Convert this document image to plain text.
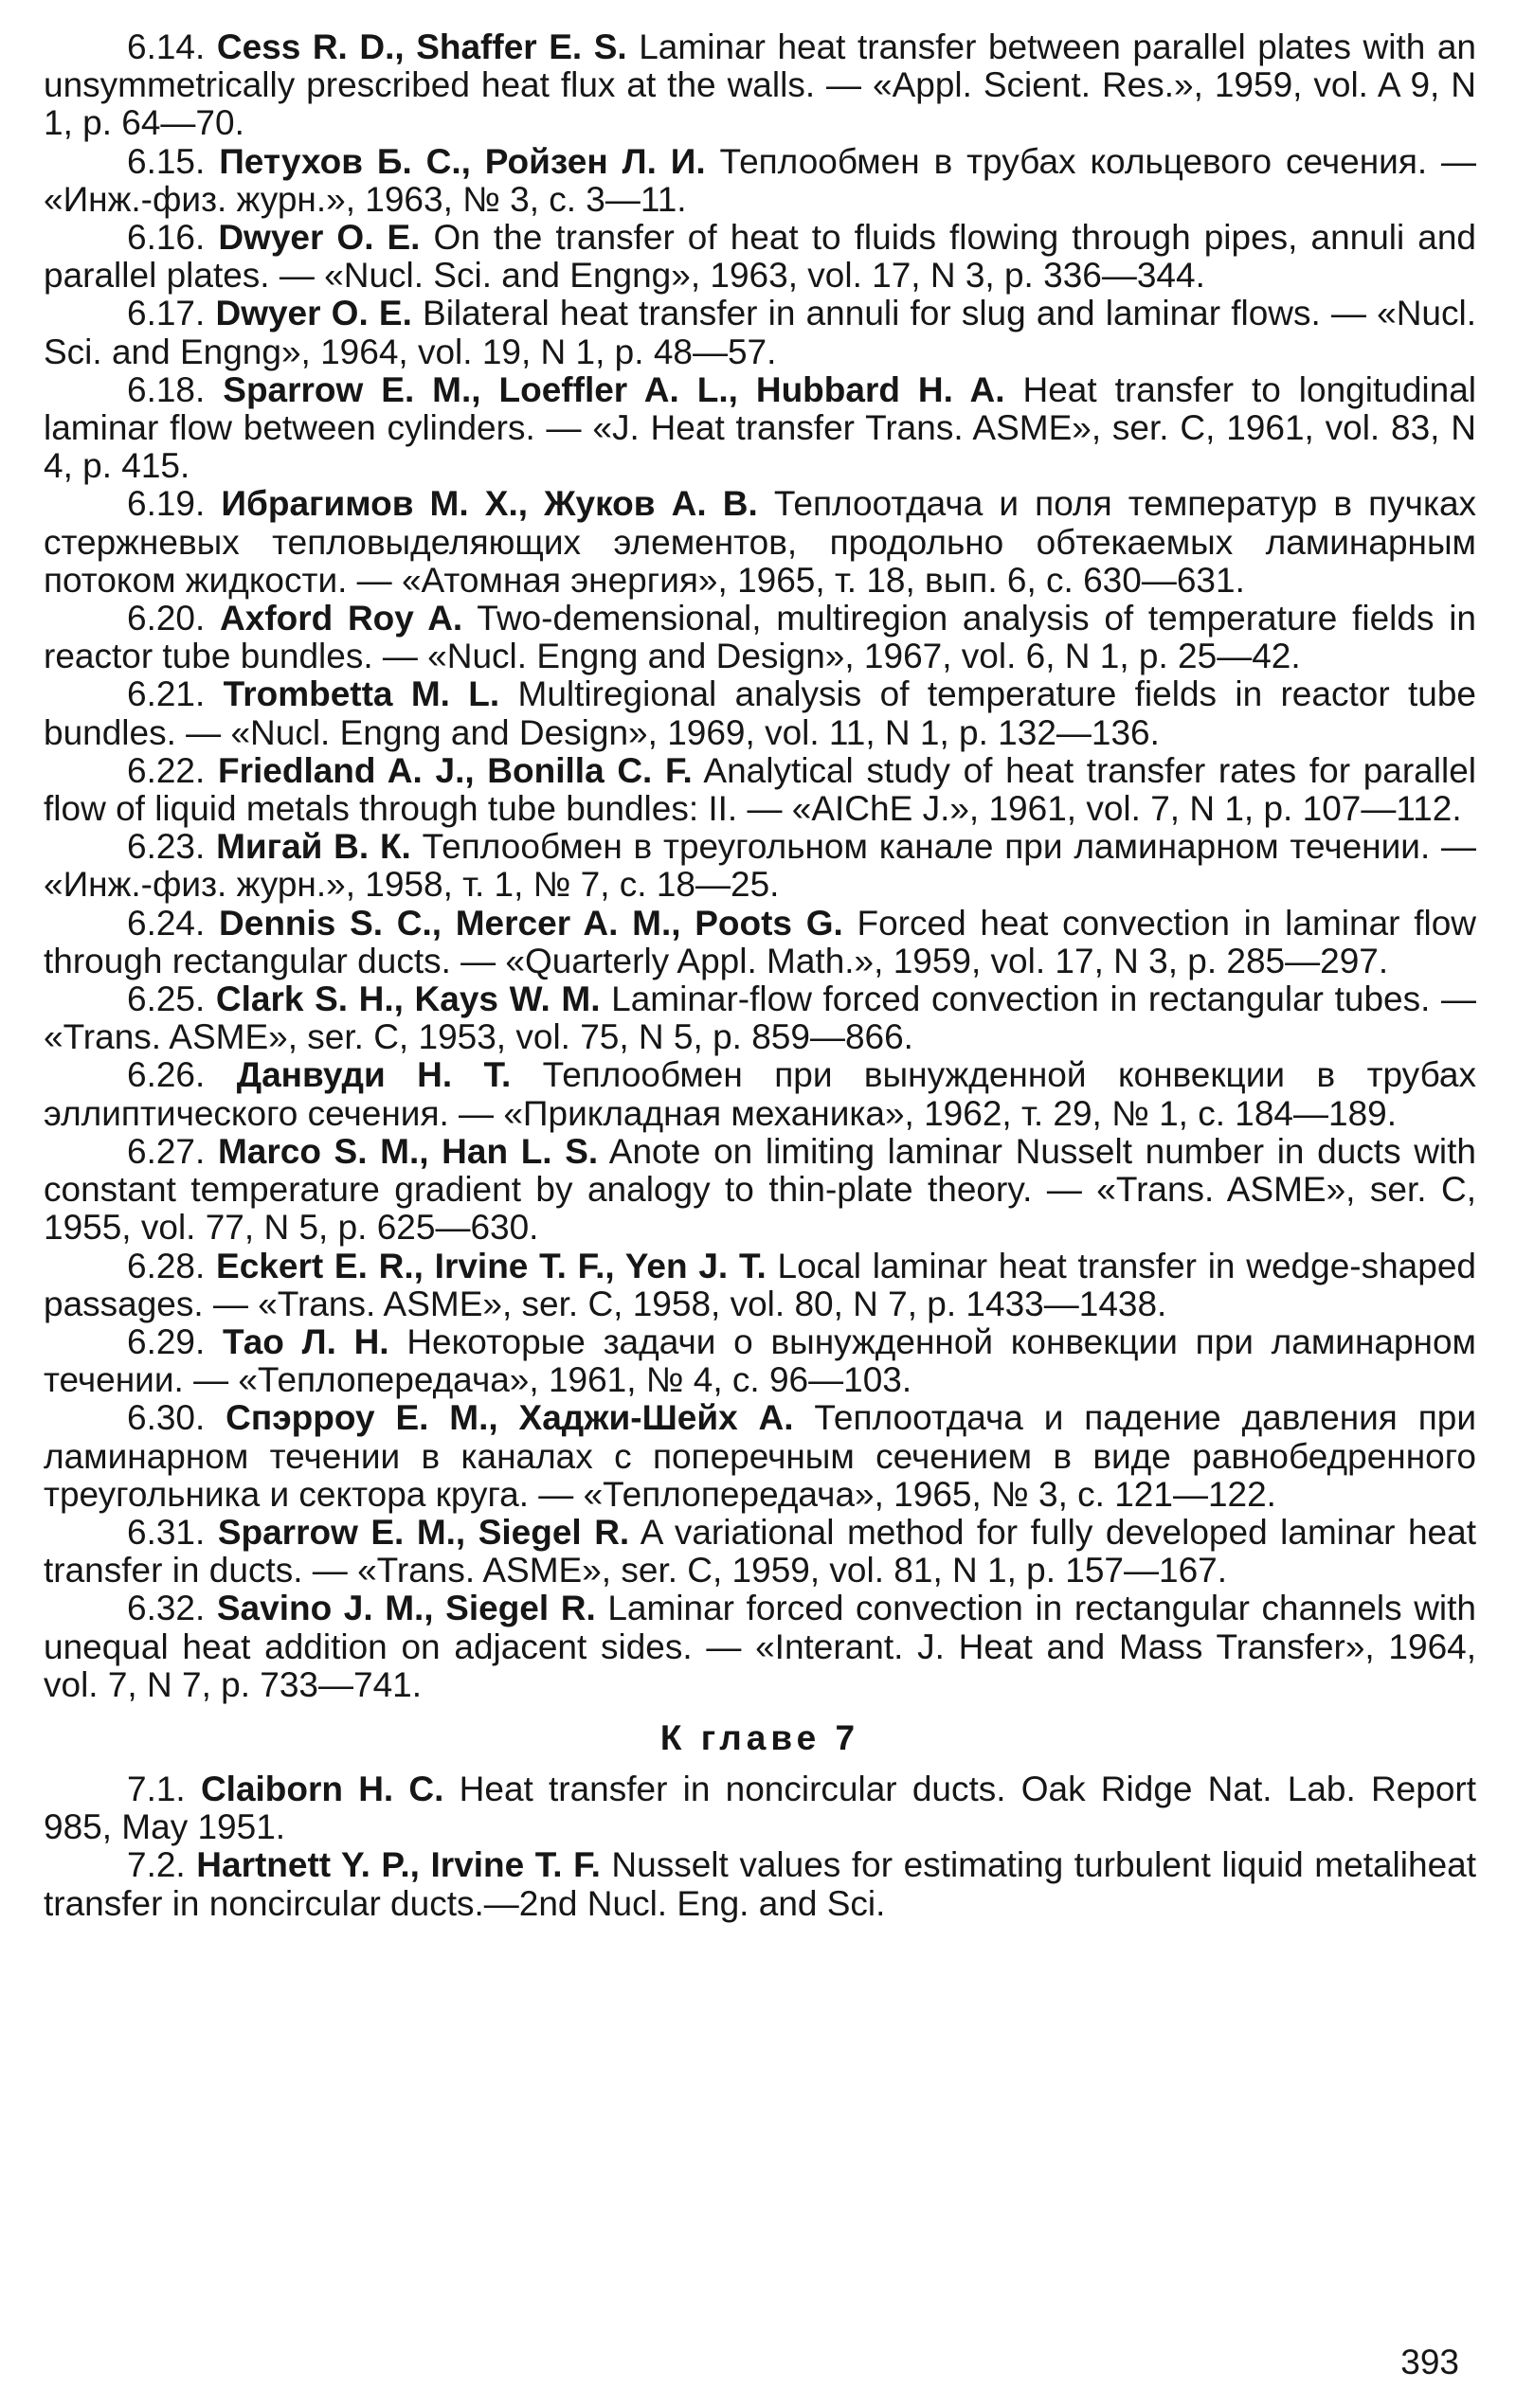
6.14. Cess R. D., Shaffer E. S. Laminar heat transfer between parallel plates with an unsymmetrically prescribed heat flux at the walls. — «Appl. Scient. Res.», 1959, vol. A 9, N 1, p. 64—70.

6.15. Петухов Б. С., Ройзен Л. И. Теплообмен в трубах кольцевого сечения. — «Инж.-физ. журн.», 1963, № 3, с. 3—11.

6.16. Dwyer O. E. On the transfer of heat to fluids flowing through pipes, annuli and parallel plates. — «Nucl. Sci. and Engng», 1963, vol. 17, N 3, p. 336—344.

6.17. Dwyer O. E. Bilateral heat transfer in annuli for slug and laminar flows. — «Nucl. Sci. and Engng», 1964, vol. 19, N 1, p. 48—57.

6.18. Sparrow E. M., Loeffler A. L., Hubbard H. A. Heat transfer to longitudinal laminar flow between cylinders. — «J. Heat transfer Trans. ASME», ser. C, 1961, vol. 83, N 4, p. 415.

6.19. Ибрагимов М. Х., Жуков А. В. Теплоотдача и поля температур в пучках стержневых тепловыделяющих элементов, продольно обтекаемых ламинарным потоком жидкости. — «Атомная энергия», 1965, т. 18, вып. 6, с. 630—631.

6.20. Axford Roy A. Two-demensional, multiregion analysis of temperature fields in reactor tube bundles. — «Nucl. Engng and Design», 1967, vol. 6, N 1, p. 25—42.

6.21. Trombetta M. L. Multiregional analysis of temperature fields in reactor tube bundles. — «Nucl. Engng and Design», 1969, vol. 11, N 1, p. 132—136.

6.22. Friedland A. J., Bonilla C. F. Analytical study of heat transfer rates for parallel flow of liquid metals through tube bundles: II. — «AIChE J.», 1961, vol. 7, N 1, p. 107—112.

6.23. Мигай В. К. Теплообмен в треугольном канале при ламинарном течении. — «Инж.-физ. журн.», 1958, т. 1, № 7, с. 18—25.

6.24. Dennis S. C., Mercer A. M., Poots G. Forced heat convection in laminar flow through rectangular ducts. — «Quarterly Appl. Math.», 1959, vol. 17, N 3, p. 285—297.

6.25. Clark S. H., Kays W. M. Laminar-flow forced convection in rectangular tubes. — «Trans. ASME», ser. C, 1953, vol. 75, N 5, p. 859—866.

6.26. Данвуди Н. Т. Теплообмен при вынужденной конвекции в трубах эллиптического сечения. — «Прикладная механика», 1962, т. 29, № 1, с. 184—189.

6.27. Marco S. M., Han L. S. Anote on limiting laminar Nusselt number in ducts with constant temperature gradient by analogy to thin-plate theory. — «Trans. ASME», ser. C, 1955, vol. 77, N 5, p. 625—630.

6.28. Eckert E. R., Irvine T. F., Yen J. T. Local laminar heat transfer in wedge-shaped passages. — «Trans. ASME», ser. C, 1958, vol. 80, N 7, p. 1433—1438.

6.29. Тао Л. Н. Некоторые задачи о вынужденной конвекции при ламинарном течении. — «Теплопередача», 1961, № 4, с. 96—103.

6.30. Спэрроу Е. М., Хаджи-Шейх А. Теплоотдача и падение давления при ламинарном течении в каналах с поперечным сечением в виде равнобедренного треугольника и сектора круга. — «Теплопередача», 1965, № 3, с. 121—122.

6.31. Sparrow E. M., Siegel R. A variational method for fully developed laminar heat transfer in ducts. — «Trans. ASME», ser. C, 1959, vol. 81, N 1, p. 157—167.

6.32. Savino J. M., Siegel R. Laminar forced convection in rectangular channels with unequal heat addition on adjacent sides. — «Interant. J. Heat and Mass Transfer», 1964, vol. 7, N 7, p. 733—741.

К главе 7

7.1. Claiborn H. C. Heat transfer in noncircular ducts. Oak Ridge Nat. Lab. Report 985, May 1951.

7.2. Hartnett Y. P., Irvine T. F. Nusselt values for estimating turbulent liquid metaliheat transfer in noncircular ducts.—2nd Nucl. Eng. and Sci.

393
